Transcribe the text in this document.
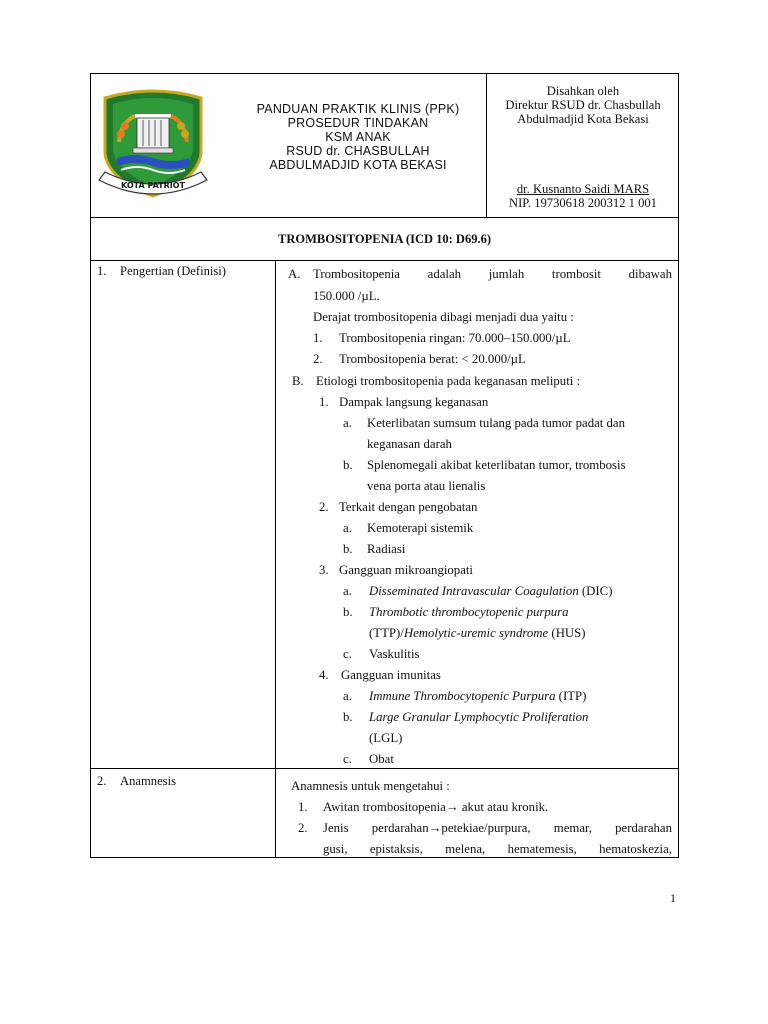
KOTA PATRIOT
PANDUAN PRAKTIK KLINIS (PPK)
PROSEDUR TINDAKAN
KSM ANAK
RSUD dr. CHASBULLAH
ABDULMADJID KOTA BEKASI
Disahkan oleh
Direktur RSUD dr. Chasbullah
Abdulmadjid Kota Bekasi
dr. Kusnanto Saidi MARS
NIP. 19730618 200312 1 001
TROMBOSITOPENIA (ICD 10: D69.6)
1. Pengertian (Definisi)	A. Trombositopenia adalah jumlah trombosit dibawah
150.000 /µL.
Derajat trombositopenia dibagi menjadi dua yaitu :
1. Trombositopenia ringan: 70.000–150.000/µL
2. Trombositopenia berat: < 20.000/µL
B. Etiologi trombositopenia pada keganasan meliputi :
1. Dampak langsung keganasan
a. Keterlibatan sumsum tulang pada tumor padat dan
keganasan darah
b. Splenomegali akibat keterlibatan tumor, trombosis
vena porta atau lienalis
2. Terkait dengan pengobatan
a. Kemoterapi sistemik
b. Radiasi
3. Gangguan mikroangiopati
a. Disseminated Intravascular Coagulation (DIC)
b. Thrombotic thrombocytopenic purpura
(TTP)/Hemolytic-uremic syndrome (HUS)
c. Vaskulitis
4. Gangguan imunitas
a. Immune Thrombocytopenic Purpura (ITP)
b. Large Granular Lymphocytic Proliferation
(LGL)
c. Obat
2. Anamnesis	Anamnesis untuk mengetahui :
1. Awitan trombositopenia→ akut atau kronik.
2. Jenis perdarahan→petekiae/purpura, memar, perdarahan
gusi, epistaksis, melena, hematemesis, hematoskezia,
1
